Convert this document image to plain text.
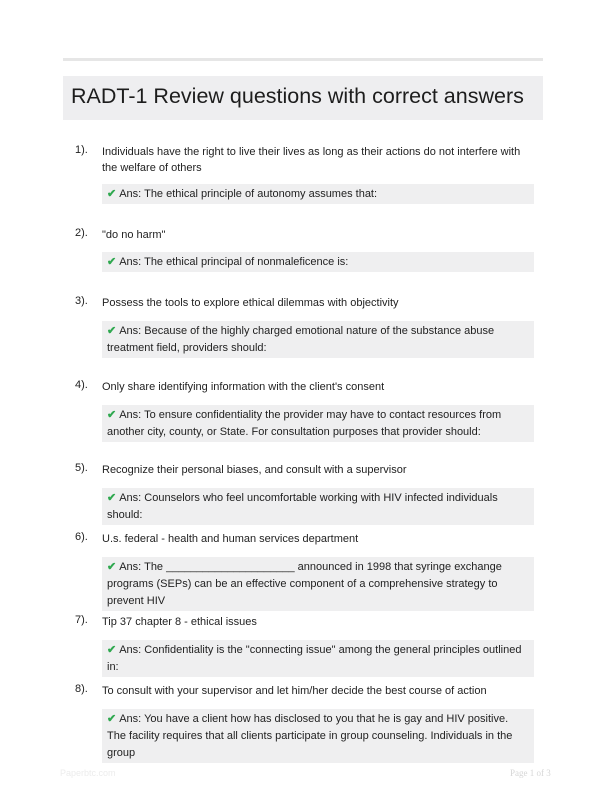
RADT-1 Review questions with correct answers
1). Individuals have the right to live their lives as long as their actions do not interfere with the welfare of others
✔ Ans: The ethical principle of autonomy assumes that:
2). "do no harm"
✔ Ans: The ethical principal of nonmaleficence is:
3). Possess the tools to explore ethical dilemmas with objectivity
✔ Ans: Because of the highly charged emotional nature of the substance abuse treatment field, providers should:
4). Only share identifying information with the client's consent
✔ Ans: To ensure confidentiality the provider may have to contact resources from another city, county, or State. For consultation purposes that provider should:
5). Recognize their personal biases, and consult with a supervisor
✔ Ans: Counselors who feel uncomfortable working with HIV infected individuals should:
6). U.s. federal - health and human services department
✔ Ans: The _____________________ announced in 1998 that syringe exchange programs (SEPs) can be an effective component of a comprehensive strategy to prevent HIV
7). Tip 37 chapter 8 - ethical issues
✔ Ans: Confidentiality is the "connecting issue" among the general principles outlined in:
8). To consult with your supervisor and let him/her decide the best course of action
✔ Ans: You have a client how has disclosed to you that he is gay and HIV positive. The facility requires that all clients participate in group counseling. Individuals in the group
Paperbtc.com	Page 1 of 3
